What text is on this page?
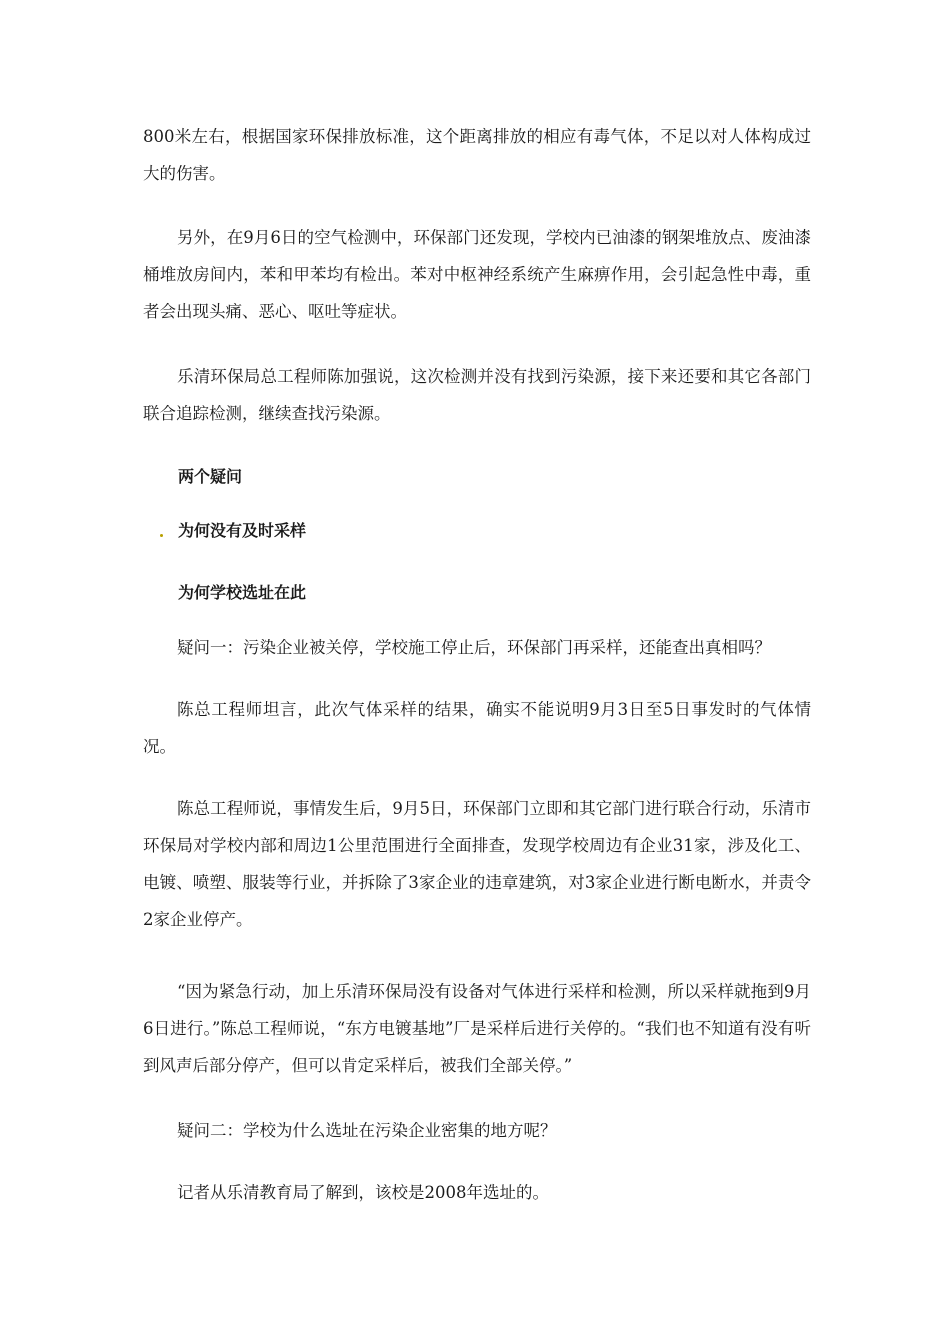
800米左右，根据国家环保排放标准，这个距离排放的相应有毒气体，不足以对人体构成过大的伤害。

另外，在9月6日的空气检测中，环保部门还发现，学校内已油漆的钢架堆放点、废油漆桶堆放房间内，苯和甲苯均有检出。苯对中枢神经系统产生麻痹作用，会引起急性中毒，重者会出现头痛、恶心、呕吐等症状。

乐清环保局总工程师陈加强说，这次检测并没有找到污染源，接下来还要和其它各部门联合追踪检测，继续查找污染源。

两个疑问
为何没有及时采样
为何学校选址在此

疑问一：污染企业被关停，学校施工停止后，环保部门再采样，还能查出真相吗？

陈总工程师坦言，此次气体采样的结果，确实不能说明9月3日至5日事发时的气体情况。

陈总工程师说，事情发生后，9月5日，环保部门立即和其它部门进行联合行动，乐清市环保局对学校内部和周边1公里范围进行全面排查，发现学校周边有企业31家，涉及化工、电镀、喷塑、服装等行业，并拆除了3家企业的违章建筑，对3家企业进行断电断水，并责令2家企业停产。

“因为紧急行动，加上乐清环保局没有设备对气体进行采样和检测，所以采样就拖到9月6日进行。”陈总工程师说，“东方电镀基地”厂是采样后进行关停的。“我们也不知道有没有听到风声后部分停产，但可以肯定采样后，被我们全部关停。”

疑问二：学校为什么选址在污染企业密集的地方呢？

记者从乐清教育局了解到，该校是2008年选址的。
